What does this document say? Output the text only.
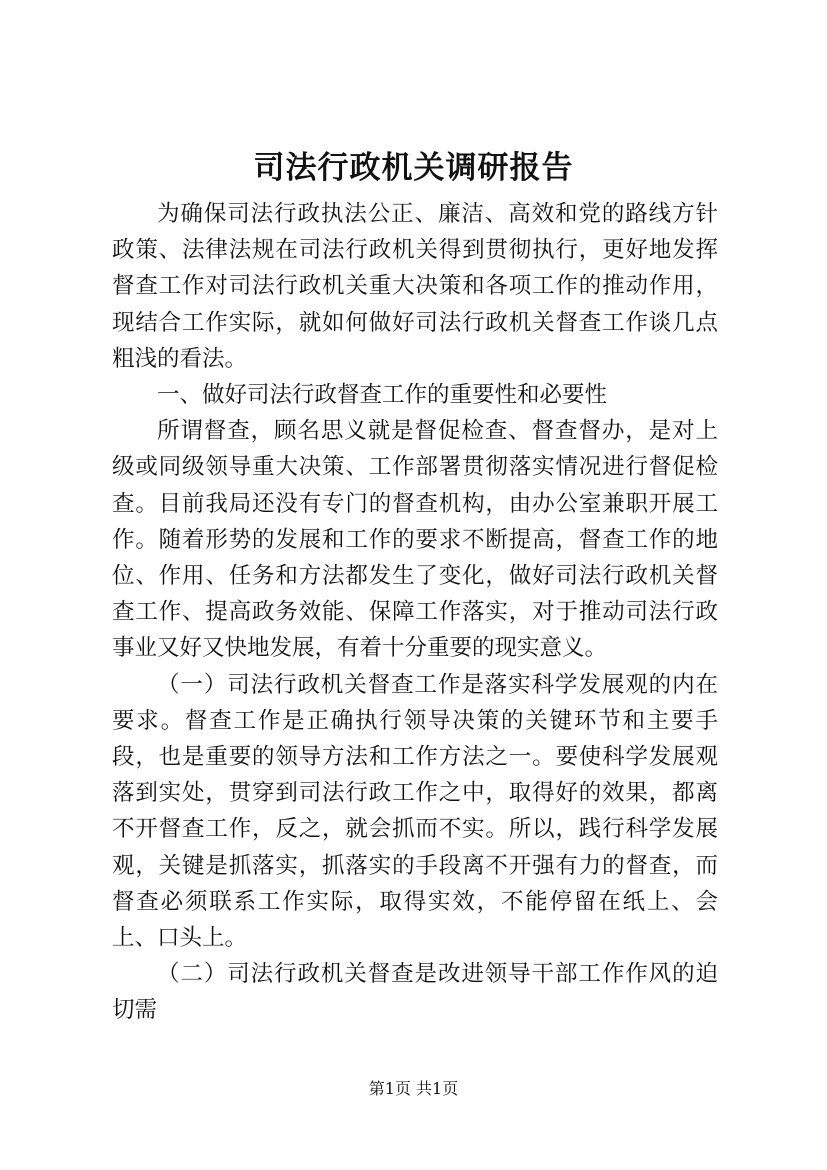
司法行政机关调研报告

为确保司法行政执法公正、廉洁、高效和党的路线方针政策、法律法规在司法行政机关得到贯彻执行，更好地发挥督查工作对司法行政机关重大决策和各项工作的推动作用，现结合工作实际，就如何做好司法行政机关督查工作谈几点粗浅的看法。

一、做好司法行政督查工作的重要性和必要性

所谓督查，顾名思义就是督促检查、督查督办，是对上级或同级领导重大决策、工作部署贯彻落实情况进行督促检查。目前我局还没有专门的督查机构，由办公室兼职开展工作。随着形势的发展和工作的要求不断提高，督查工作的地位、作用、任务和方法都发生了变化，做好司法行政机关督查工作、提高政务效能、保障工作落实，对于推动司法行政事业又好又快地发展，有着十分重要的现实意义。

（一）司法行政机关督查工作是落实科学发展观的内在要求。督查工作是正确执行领导决策的关键环节和主要手段，也是重要的领导方法和工作方法之一。要使科学发展观落到实处，贯穿到司法行政工作之中，取得好的效果，都离不开督查工作，反之，就会抓而不实。所以，践行科学发展观，关键是抓落实，抓落实的手段离不开强有力的督查，而督查必须联系工作实际，取得实效，不能停留在纸上、会上、口头上。

（二）司法行政机关督查是改进领导干部工作作风的迫切需

第1页 共1页
